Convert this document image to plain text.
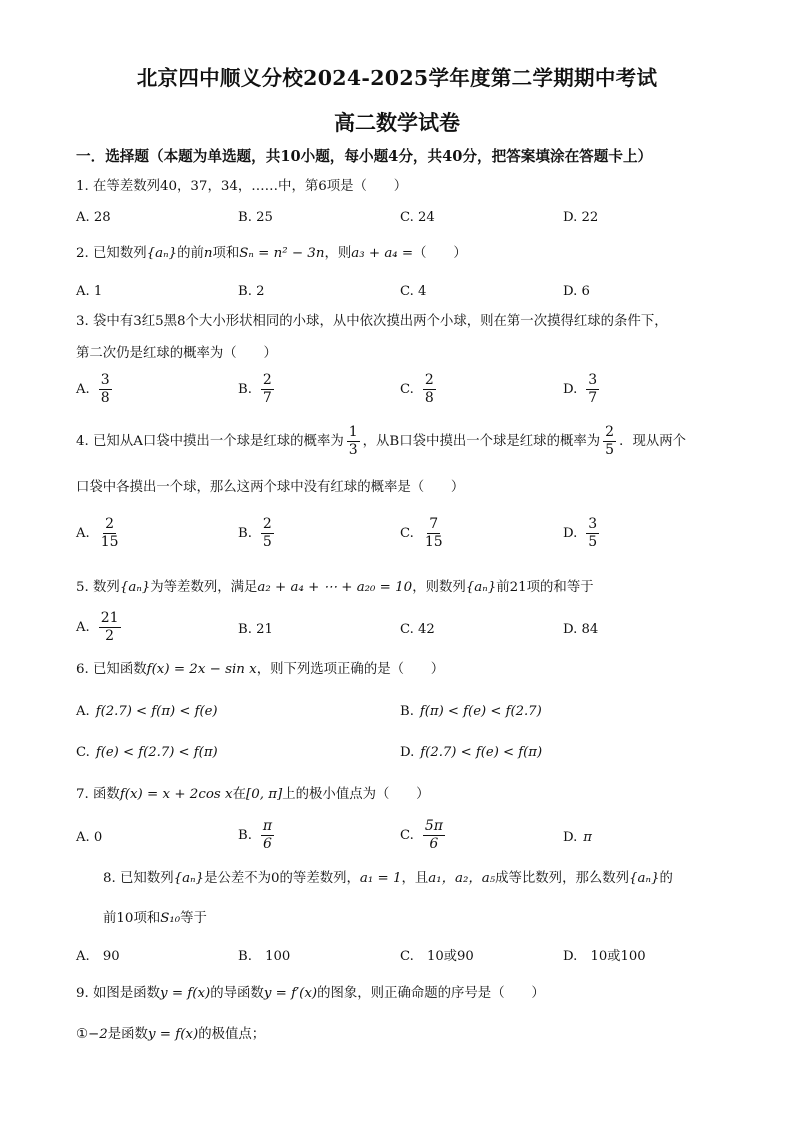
北京四中顺义分校2024-2025学年度第二学期期中考试
高二数学试卷
一．选择题（本题为单选题，共10小题，每小题4分，共40分，把答案填涂在答题卡上）
1. 在等差数列40，37，34，……中，第6项是（　　）
A. 28	B. 25	C. 24	D. 22
2. 已知数列{aₙ}的前n项和Sₙ = n² − 3n，则a₃ + a₄ =（　　）
A. 1	B. 2	C. 4	D. 6
3. 袋中有3红5黑8个大小形状相同的小球，从中依次摸出两个小球，则在第一次摸得红球的条件下，
第二次仍是红球的概率为（　　）
A. $\frac{3}{8}$	B. $\frac{2}{7}$	C. $\frac{2}{8}$	D. $\frac{3}{7}$
4. 已知从A口袋中摸出一个球是红球的概率为 $\frac{1}{3}$ ，从B口袋中摸出一个球是红球的概率为 $\frac{2}{5}$ ．现从两个
口袋中各摸出一个球，那么这两个球中没有红球的概率是（　　）
A. $\frac{2}{15}$	B. $\frac{2}{5}$	C. $\frac{7}{15}$	D. $\frac{3}{5}$
5. 数列{aₙ}为等差数列，满足a₂ + a₄ + ⋯ + a₂₀ = 10，则数列{aₙ}前21项的和等于
A. $\frac{21}{2}$	B. 21	C. 42	D. 84
6. 已知函数f(x) = 2x − sin x，则下列选项正确的是（　　）
A. f(2.7) < f(π) < f(e)	B. f(π) < f(e) < f(2.7)
C. f(e) < f(2.7) < f(π)	D. f(2.7) < f(e) < f(π)
7. 函数f(x) = x + 2cos x在[0, π]上的极小值点为（　　）
A. 0	B. $\frac{\pi}{6}$	C. $\frac{5\pi}{6}$	D. π
8. 已知数列{aₙ}是公差不为0的等差数列，a₁ = 1，且a₁，a₂，a₅成等比数列，那么数列{aₙ}的
前10项和S₁₀等于
A.　90	B.　100	C.　10或90	D.　10或100
9. 如图是函数y = f(x)的导函数y = f′(x)的图象，则正确命题的序号是（　　）
①−2是函数y = f(x)的极值点；
